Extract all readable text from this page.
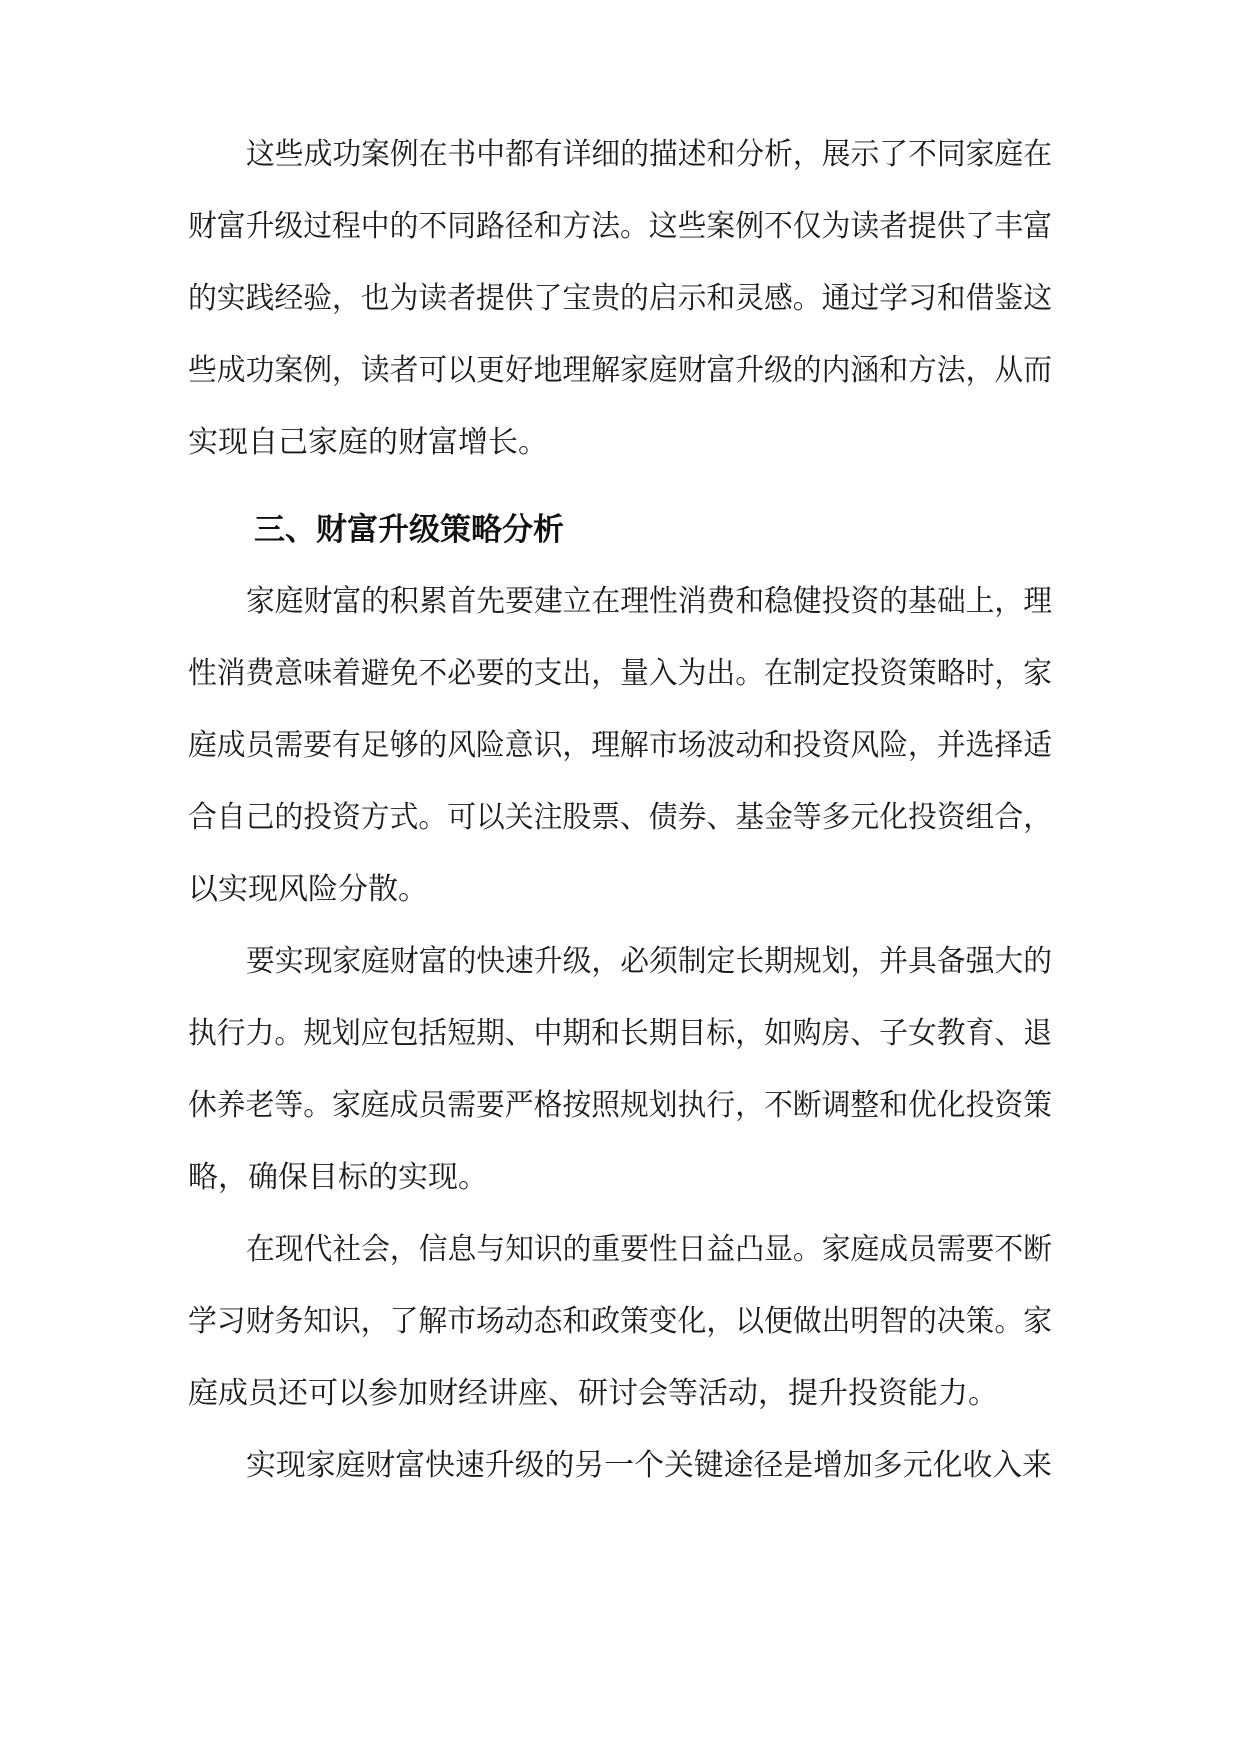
这些成功案例在书中都有详细的描述和分析，展示了不同家庭在

财富升级过程中的不同路径和方法。这些案例不仅为读者提供了丰富

的实践经验，也为读者提供了宝贵的启示和灵感。通过学习和借鉴这

些成功案例，读者可以更好地理解家庭财富升级的内涵和方法，从而

实现自己家庭的财富增长。

三、财富升级策略分析

家庭财富的积累首先要建立在理性消费和稳健投资的基础上，理

性消费意味着避免不必要的支出，量入为出。在制定投资策略时，家

庭成员需要有足够的风险意识，理解市场波动和投资风险，并选择适

合自己的投资方式。可以关注股票、债券、基金等多元化投资组合，

以实现风险分散。

要实现家庭财富的快速升级，必须制定长期规划，并具备强大的

执行力。规划应包括短期、中期和长期目标，如购房、子女教育、退

休养老等。家庭成员需要严格按照规划执行，不断调整和优化投资策

略，确保目标的实现。

在现代社会，信息与知识的重要性日益凸显。家庭成员需要不断

学习财务知识，了解市场动态和政策变化，以便做出明智的决策。家

庭成员还可以参加财经讲座、研讨会等活动，提升投资能力。

实现家庭财富快速升级的另一个关键途径是增加多元化收入来
